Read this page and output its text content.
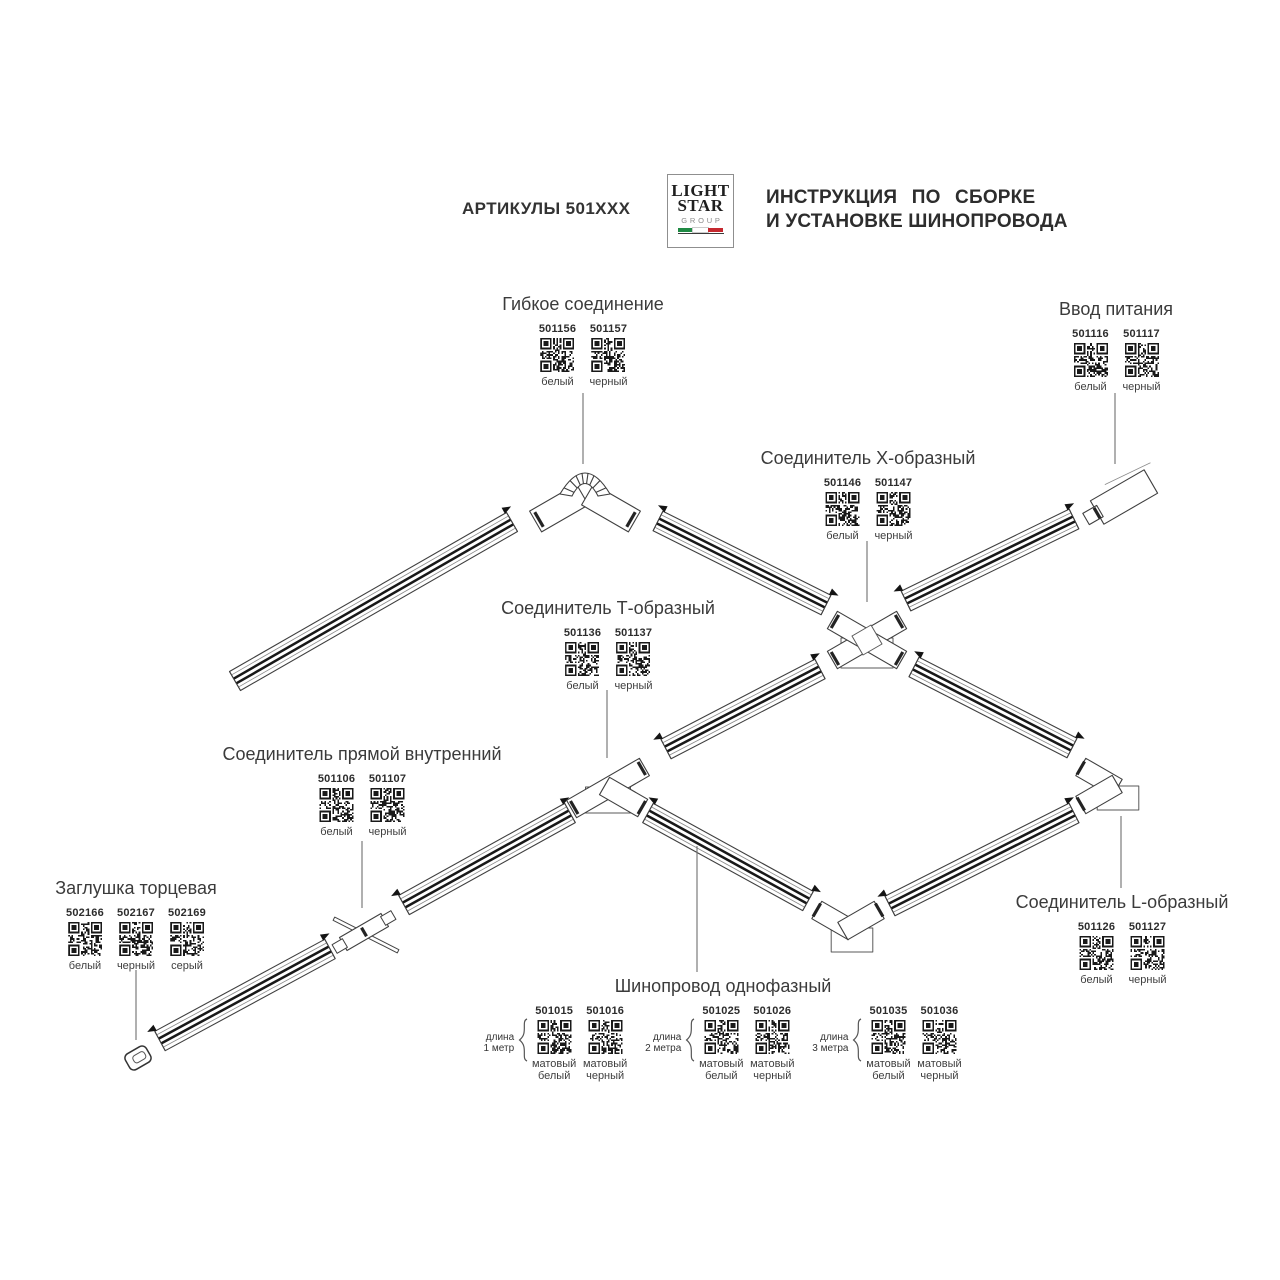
АРТИКУЛЫ 501XXX
LIGHT
STAR
GROUP
ИНСТРУКЦИЯ ПО СБОРКЕ
И УСТАНОВКЕ ШИНОПРОВОДА
Гибкое соединение
501156
белый
501157
черный
Ввод питания
501116
белый
501117
черный
Соединитель X-образный
501146
белый
501147
черный
Соединитель Т-образный
501136
белый
501137
черный
Соединитель прямой внутренний
501106
белый
501107
черный
Заглушка торцевая
502166
белый
502167
черный
502169
серый
Соединитель L-образный
501126
белый
501127
черный
Шинопровод однофазный
длина
1 метр
501015
матовый белый
501016
матовый черный
длина
2 метра
501025
матовый белый
501026
матовый черный
длина
3 метра
501035
матовый белый
501036
матовый черный
